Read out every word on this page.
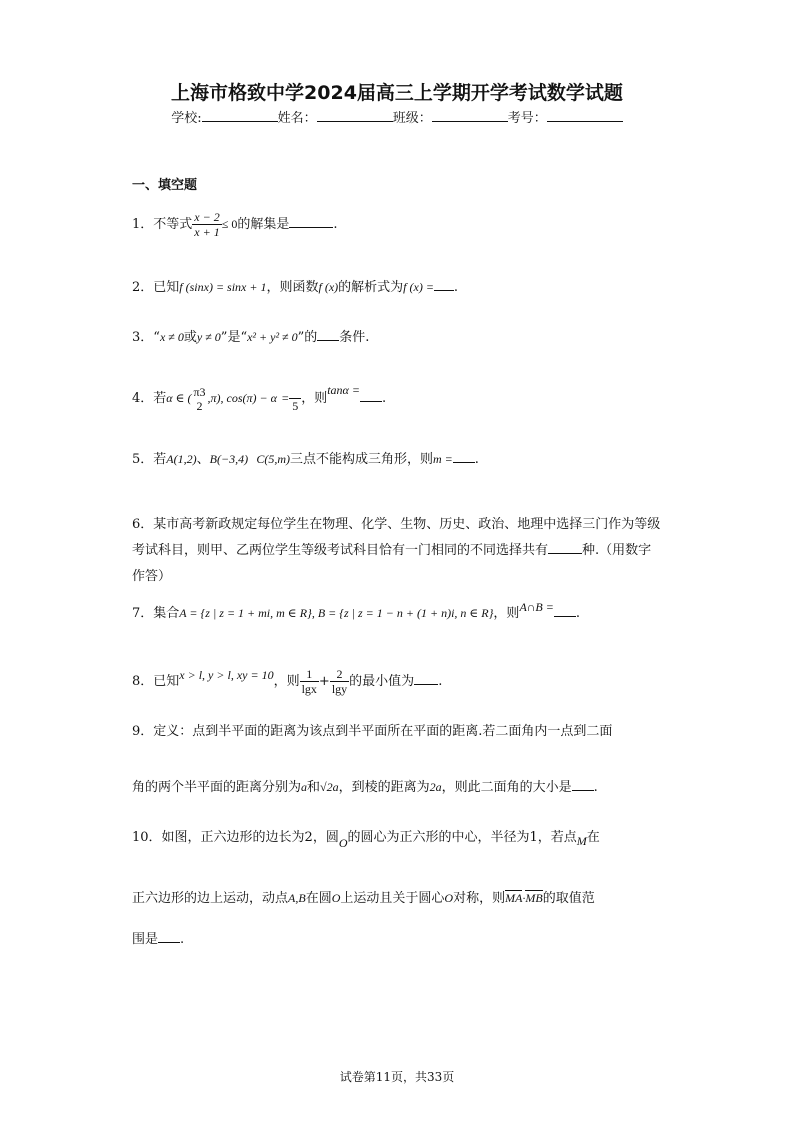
上海市格致中学2024届高三上学期开学考试数学试题
学校:	姓名：	班级：	考号：
一、填空题
1．不等式 $\frac{x - 2}{x + 1} \le 0$的解集是	.
2．已知f (sinx) = sinx + 1，则函数f (x)的解析式为f (x) = .
3．“x ≠ 0或y ≠ 0”是“x² + y² ≠ 0”的 条件.
4．若α ∈ ( π3
2
,π), cos(π) − α =
5 ，则tanα =.
5．若A(1,2)、B(−3,4) C(5,m)三点不能构成三角形，则m = .
6．某市高考新政规定每位学生在物理、化学、生物、历史、政治、地理中选择三门作为等级考试科目，则甲、乙两位学生等级考试科目恰有一门相同的不同选择共有	种.（用数字作答）
7．集合A = {z | z = 1 + mi, m ∈ R}, B = {z | z = 1 − n + (1 + n)i, n ∈ R}，则A∩B = .
8．已知x > l, y > l, xy = 10，则 $\frac{1}{\lg x} + \frac{2}{\lg y}$ 的最小值为 .
9．定义：点到半平面的距离为该点到半平面所在平面的距离.若二面角内一点到二面
角的两个半平面的距离分别为a和√2a，到棱的距离为2a，则此二面角的大小是 .
10．如图，正六边形的边长为2，圆O的圆心为正六形的中心，半径为1，若点M在
正六边形的边上运动，动点A,B在圆O上运动且关于圆心O对称，则MA·MB的取值范
围是 .
试卷第11页，共33页
